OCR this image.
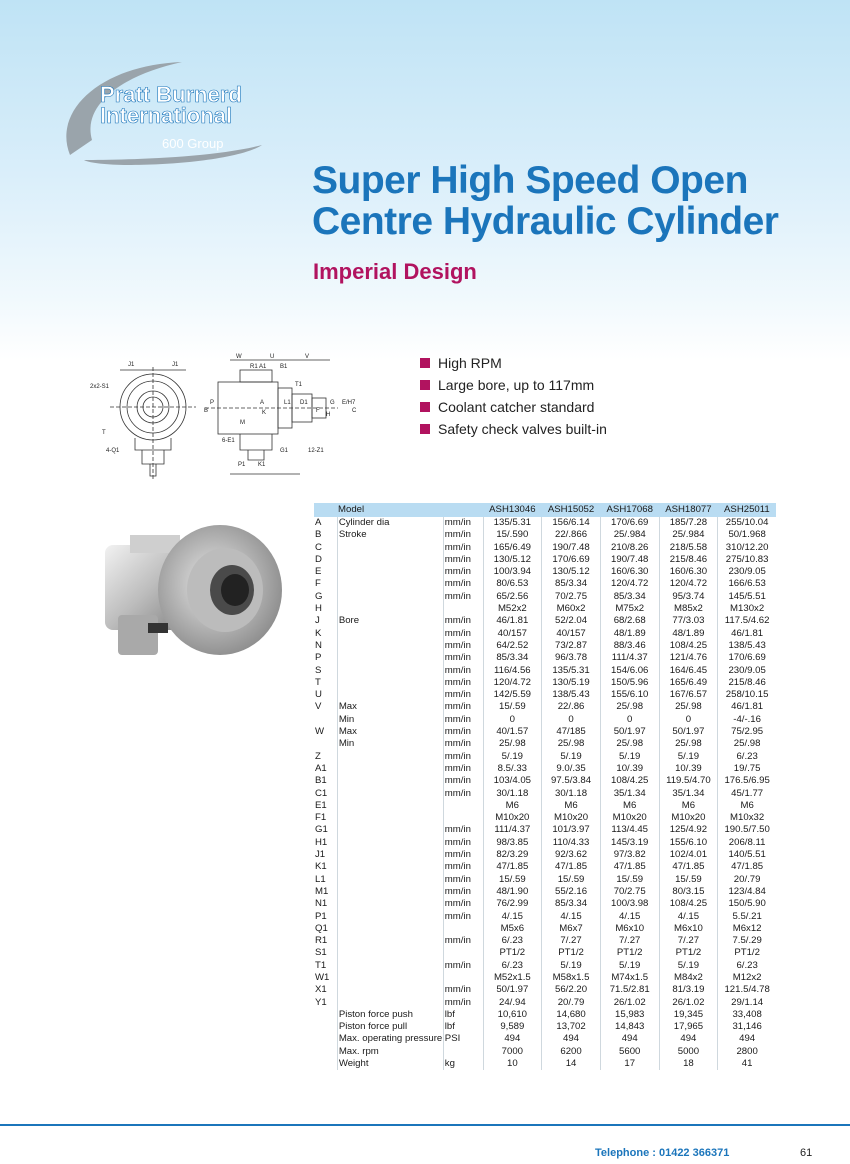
Pratt Burnerd
International
600 Group
Super High Speed Open
Centre Hydraulic Cylinder
Imperial Design
J1	J1
2x2-S1
T
4-Q1
W	U	V
R1 A1 B1
T1
P	A	L1 D1	G E/H7
F	C
H
B	K
M
6-E1
P1 K1
G1	12-Z1
High RPM
Large bore, up to 117mm
Coolant catcher standard
Safety check valves built-in
Model			ASH13046	ASH15052	ASH17068	ASH18077	ASH25011
A	Cylinder dia	mm/in	135/5.31	156/6.14	170/6.69	185/7.28	255/10.04
B	Stroke	mm/in	15/.590	22/.866	25/.984	25/.984	50/1.968
C		mm/in	165/6.49	190/7.48	210/8.26	218/5.58	310/12.20
D		mm/in	130/5.12	170/6.69	190/7.48	215/8.46	275/10.83
E		mm/in	100/3.94	130/5.12	160/6.30	160/6.30	230/9.05
F		mm/in	80/6.53	85/3.34	120/4.72	120/4.72	166/6.53
G		mm/in	65/2.56	70/2.75	85/3.34	95/3.74	145/5.51
H			M52x2	M60x2	M75x2	M85x2	M130x2
J	Bore	mm/in	46/1.81	52/2.04	68/2.68	77/3.03	117.5/4.62
K		mm/in	40/157	40/157	48/1.89	48/1.89	46/1.81
N		mm/in	64/2.52	73/2.87	88/3.46	108/4.25	138/5.43
P		mm/in	85/3.34	96/3.78	111/4.37	121/4.76	170/6.69
S		mm/in	116/4.56	135/5.31	154/6.06	164/6.45	230/9.05
T		mm/in	120/4.72	130/5.19	150/5.96	165/6.49	215/8.46
U		mm/in	142/5.59	138/5.43	155/6.10	167/6.57	258/10.15
V	Max	mm/in	15/.59	22/.86	25/.98	25/.98	46/1.81
	Min	mm/in	0	0	0	0	-4/-.16
W	Max	mm/in	40/1.57	47/185	50/1.97	50/1.97	75/2.95
	Min	mm/in	25/.98	25/.98	25/.98	25/.98	25/.98
Z		mm/in	5/.19	5/.19	5/.19	5/.19	6/.23
A1		mm/in	8.5/.33	9.0/.35	10/.39	10/.39	19/.75
B1		mm/in	103/4.05	97.5/3.84	108/4.25	119.5/4.70	176.5/6.95
C1		mm/in	30/1.18	30/1.18	35/1.34	35/1.34	45/1.77
E1			M6	M6	M6	M6	M6
F1			M10x20	M10x20	M10x20	M10x20	M10x32
G1		mm/in	111/4.37	101/3.97	113/4.45	125/4.92	190.5/7.50
H1		mm/in	98/3.85	110/4.33	145/3.19	155/6.10	206/8.11
J1		mm/in	82/3.29	92/3.62	97/3.82	102/4.01	140/5.51
K1		mm/in	47/1.85	47/1.85	47/1.85	47/1.85	47/1.85
L1		mm/in	15/.59	15/.59	15/.59	15/.59	20/.79
M1		mm/in	48/1.90	55/2.16	70/2.75	80/3.15	123/4.84
N1		mm/in	76/2.99	85/3.34	100/3.98	108/4.25	150/5.90
P1		mm/in	4/.15	4/.15	4/.15	4/.15	5.5/.21
Q1			M5x6	M6x7	M6x10	M6x10	M6x12
R1		mm/in	6/.23	7/.27	7/.27	7/.27	7.5/.29
S1			PT1/2	PT1/2	PT1/2	PT1/2	PT1/2
T1		mm/in	6/.23	5/.19	5/.19	5/.19	6/.23
W1			M52x1.5	M58x1.5	M74x1.5	M84x2	M12x2
X1		mm/in	50/1.97	56/2.20	71.5/2.81	81/3.19	121.5/4.78
Y1		mm/in	24/.94	20/.79	26/1.02	26/1.02	29/1.14
	Piston force push	lbf	10,610	14,680	15,983	19,345	33,408
	Piston force pull	lbf	9,589	13,702	14,843	17,965	31,146
	Max. operating pressure	PSI	494	494	494	494	494
	Max. rpm		7000	6200	5600	5000	2800
	Weight	kg	10	14	17	18	41
Telephone : 01422 366371	61
